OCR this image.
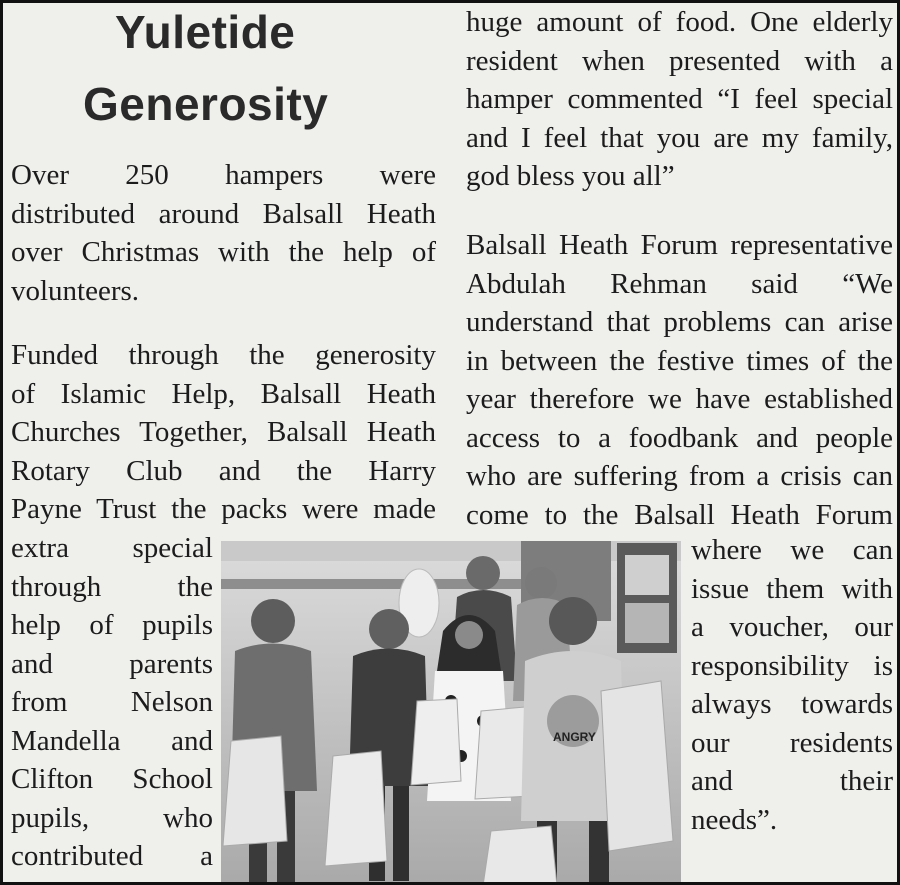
Yuletide
Generosity
Over 250 hampers were
distributed around Balsall Heath
over Christmas with the help of
volunteers.
Funded through the generosity
of Islamic Help, Balsall Heath
Churches Together, Balsall Heath
Rotary Club and the Harry
Payne Trust the packs were made
extra special
through the
help of pupils
and parents
from Nelson
Mandella and
Clifton School
pupils, who
contributed a
huge amount of food. One elderly
resident when presented with a
hamper commented “I feel special
and I feel that you are my family,
god bless you all”
Balsall Heath Forum representative
Abdulah Rehman said “We
understand that problems can arise
in between the festive times of the
year therefore we have established
access to a foodbank and people
who are suffering from a crisis can
come to the Balsall Heath Forum
where we can
issue them with
a voucher, our
responsibility is
always towards
our residents
and their
needs”.
ANGRY
